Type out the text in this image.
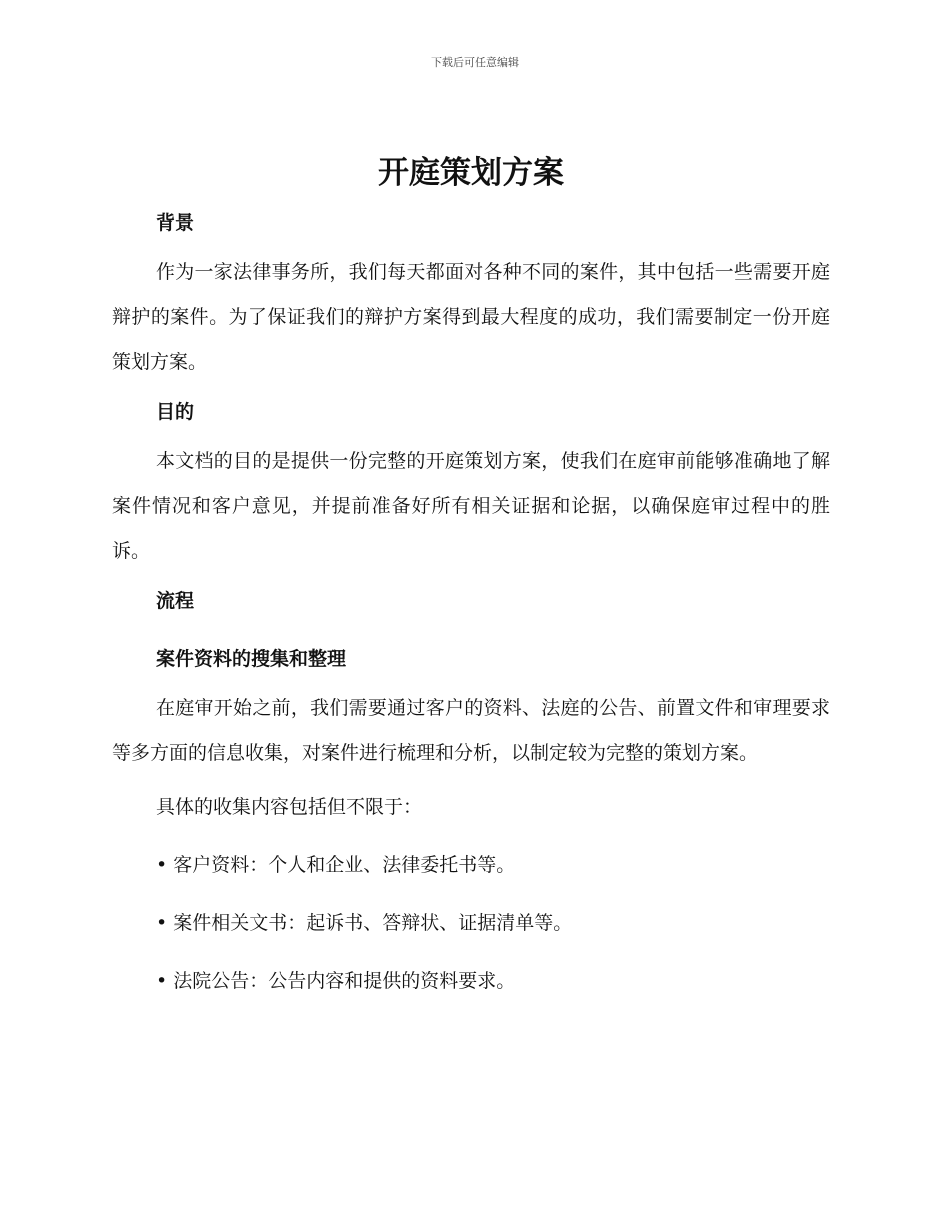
下载后可任意编辑
开庭策划方案

背景

作为一家法律事务所，我们每天都面对各种不同的案件，其中包括一些需要开庭辩护的案件。为了保证我们的辩护方案得到最大程度的成功，我们需要制定一份开庭策划方案。

目的

本文档的目的是提供一份完整的开庭策划方案，使我们在庭审前能够准确地了解案件情况和客户意见，并提前准备好所有相关证据和论据，以确保庭审过程中的胜诉。

流程

案件资料的搜集和整理

在庭审开始之前，我们需要通过客户的资料、法庭的公告、前置文件和审理要求等多方面的信息收集，对案件进行梳理和分析，以制定较为完整的策划方案。

具体的收集内容包括但不限于：

• 客户资料：个人和企业、法律委托书等。

• 案件相关文书：起诉书、答辩状、证据清单等。

• 法院公告：公告内容和提供的资料要求。
